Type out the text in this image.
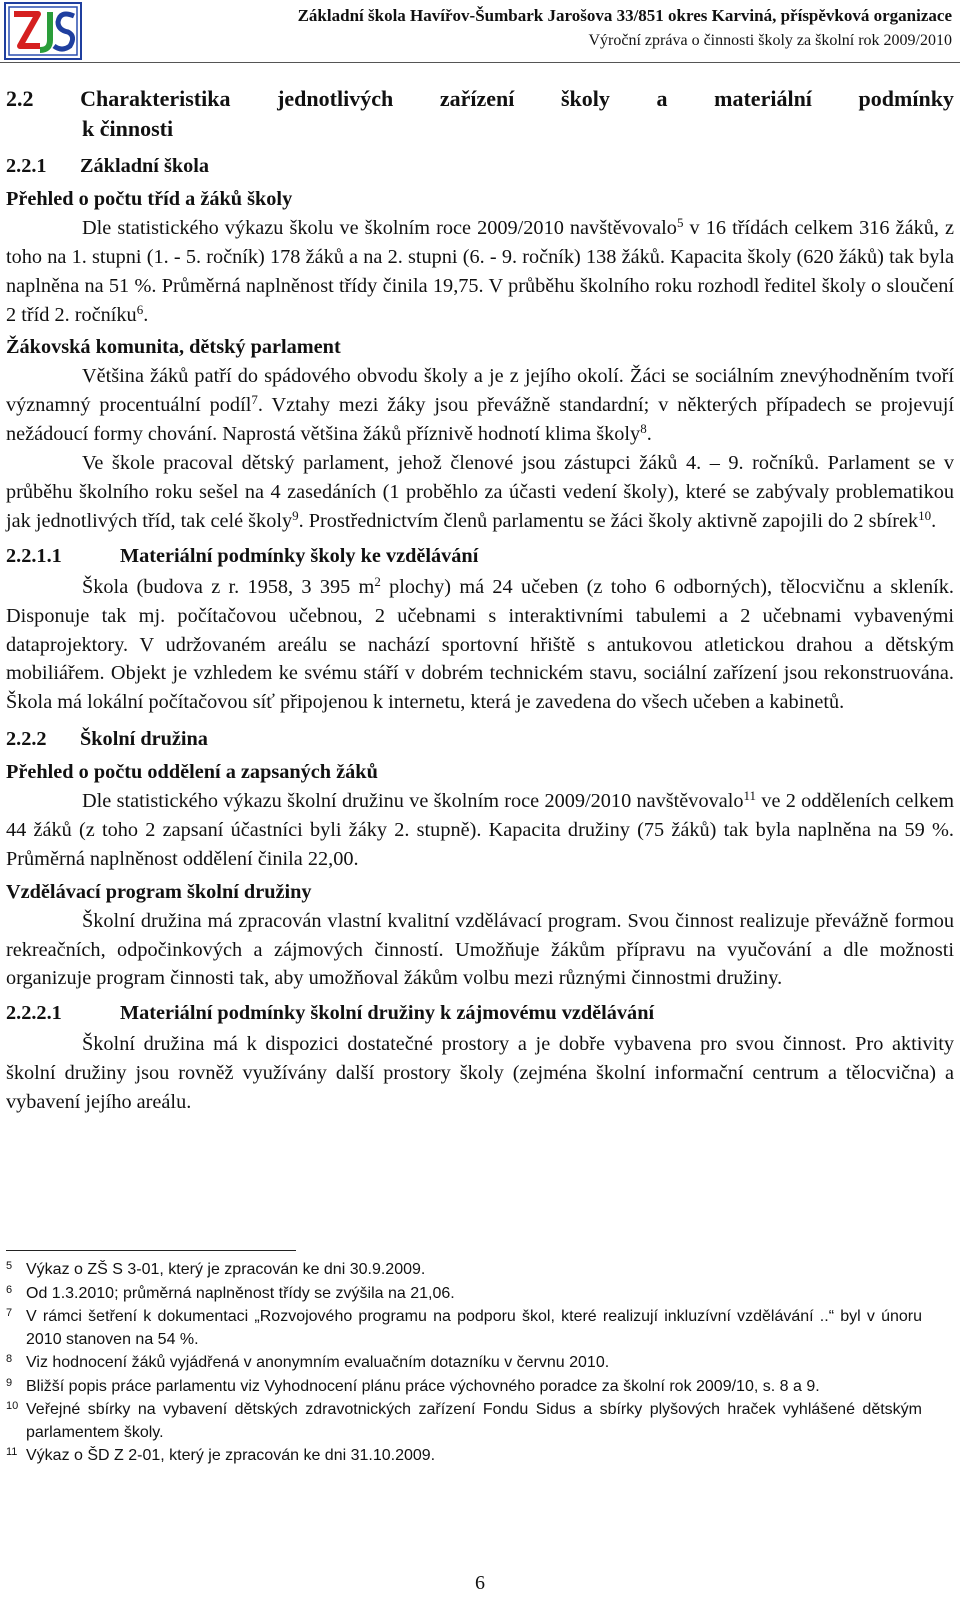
Základní škola Havířov-Šumbark Jarošova 33/851 okres Karviná, příspěvková organizace
Výroční zpráva o činnosti školy za školní rok 2009/2010
2.2 Charakteristika jednotlivých zařízení školy a materiální podmínky
k činnosti
2.2.1 Základní škola
Přehled o počtu tříd a žáků školy

Dle statistického výkazu školu ve školním roce 2009/2010 navštěvovalo$^5$ v 16 třídách celkem 316 žáků, z toho na 1. stupni (1. - 5. ročník) 178 žáků a na 2. stupni (6. - 9. ročník) 138 žáků. Kapacita školy (620 žáků) tak byla naplněna na 51 %. Průměrná naplněnost třídy činila 19,75. V průběhu školního roku rozhodl ředitel školy o sloučení 2 tříd 2. ročníku$^6$.

Žákovská komunita, dětský parlament

Většina žáků patří do spádového obvodu školy a je z jejího okolí. Žáci se sociálním znevýhodněním tvoří významný procentuální podíl$^7$. Vztahy mezi žáky jsou převážně standardní; v některých případech se projevují nežádoucí formy chování. Naprostá většina žáků příznivě hodnotí klima školy$^8$.

Ve škole pracoval dětský parlament, jehož členové jsou zástupci žáků 4. – 9. ročníků. Parlament se v průběhu školního roku sešel na 4 zasedáních (1 proběhlo za účasti vedení školy), které se zabývaly problematikou jak jednotlivých tříd, tak celé školy$^9$. Prostřednictvím členů parlamentu se žáci školy aktivně zapojili do 2 sbírek$^{10}$.

2.2.1.1	Materiální podmínky školy ke vzdělávání

Škola (budova z r. 1958, 3 395 $m^2$ plochy) má 24 učeben (z toho 6 odborných), tělocvičnu a skleník. Disponuje tak mj. počítačovou učebnou, 2 učebnami s interaktivními tabulemi a 2 učebnami vybavenými dataprojektory. V udržovaném areálu se nachází sportovní hřiště s antukovou atletickou drahou a dětským mobiliářem. Objekt je vzhledem ke svému stáří v dobrém technickém stavu, sociální zařízení jsou rekonstruována. Škola má lokální počítačovou síť připojenou k internetu, která je zavedena do všech učeben a kabinetů.

2.2.2 Školní družina
Přehled o počtu oddělení a zapsaných žáků

Dle statistického výkazu školní družinu ve školním roce 2009/2010 navštěvovalo$^{11}$ ve 2 odděleních celkem 44 žáků (z toho 2 zapsaní účastníci byli žáky 2. stupně). Kapacita družiny (75 žáků) tak byla naplněna na 59 %. Průměrná naplněnost oddělení činila 22,00.

Vzdělávací program školní družiny

Školní družina má zpracován vlastní kvalitní vzdělávací program. Svou činnost realizuje převážně formou rekreačních, odpočinkových a zájmových činností. Umožňuje žákům přípravu na vyučování a dle možnosti organizuje program činnosti tak, aby umožňoval žákům volbu mezi různými činnostmi družiny.

2.2.2.1	Materiální podmínky školní družiny k zájmovému vzdělávání

Školní družina má k dispozici dostatečné prostory a je dobře vybavena pro svou činnost. Pro aktivity školní družiny jsou rovněž využívány další prostory školy (zejména školní informační centrum a tělocvična) a vybavení jejího areálu.

5 Výkaz o ZŠ S 3-01, který je zpracován ke dni 30.9.2009.
6 Od 1.3.2010; průměrná naplněnost třídy se zvýšila na 21,06.
7 V rámci šetření k dokumentaci „Rozvojového programu na podporu škol, které realizují inkluzívní vzdělávání ..“ byl v únoru 2010 stanoven na 54 %.
8 Viz hodnocení žáků vyjádřená v anonymním evaluačním dotazníku v červnu 2010.
9 Bližší popis práce parlamentu viz Vyhodnocení plánu práce výchovného poradce za školní rok 2009/10, s. 8 a 9.
10 Veřejné sbírky na vybavení dětských zdravotnických zařízení Fondu Sidus a sbírky plyšových hraček vyhlášené dětským parlamentem školy.
11 Výkaz o ŠD Z 2-01, který je zpracován ke dni 31.10.2009.
6
